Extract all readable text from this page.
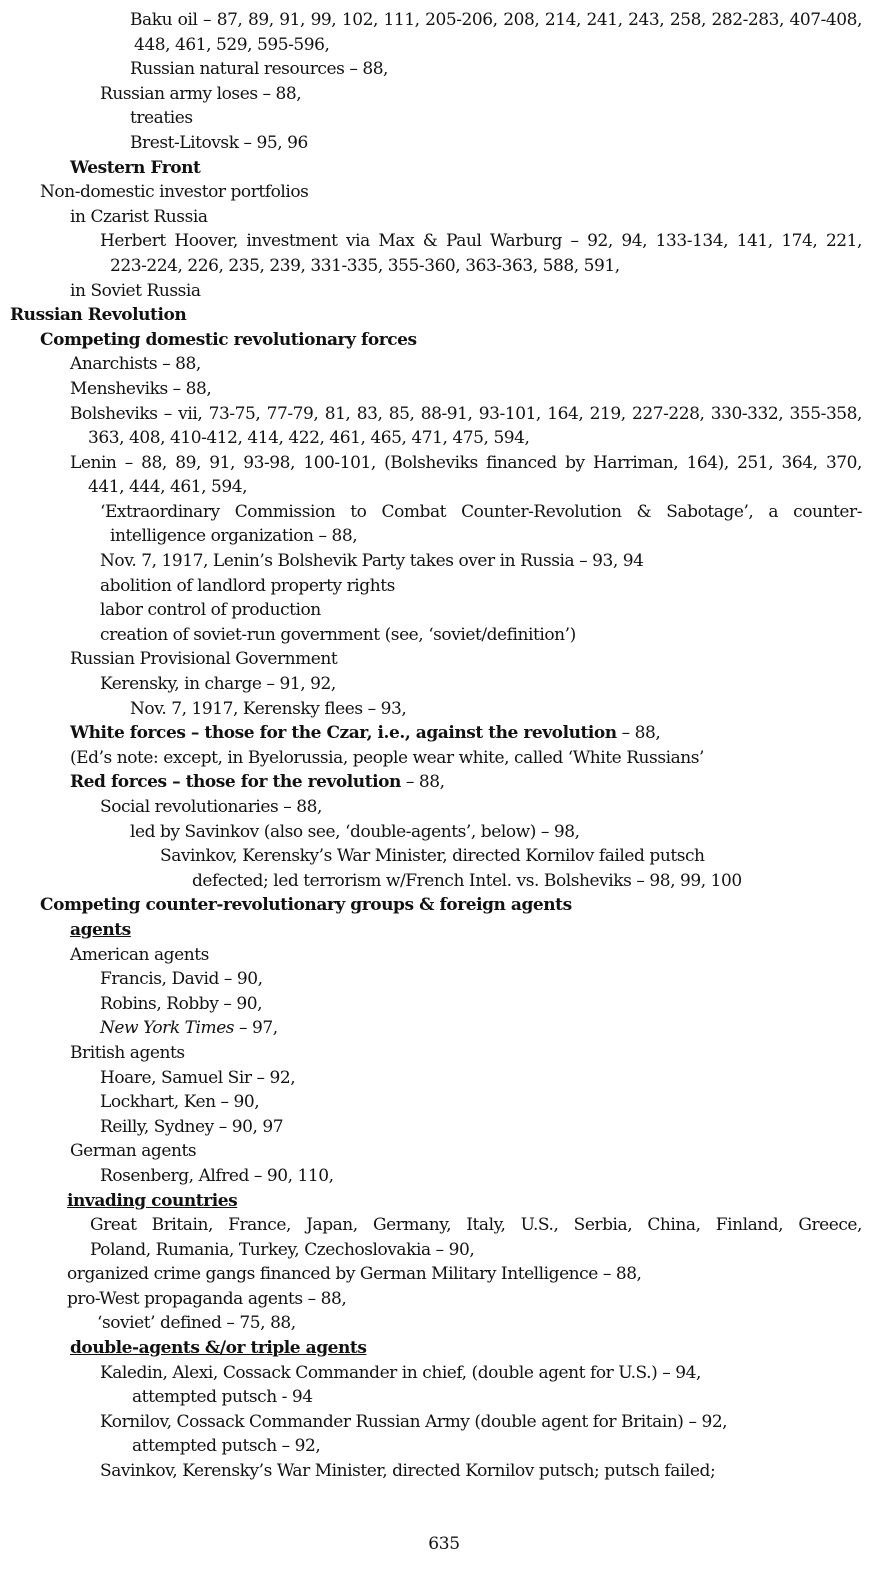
Baku oil – 87, 89, 91, 99, 102, 111, 205-206, 208, 214, 241, 243, 258, 282-283, 407-408,
448, 461, 529, 595-596,
Russian natural resources – 88,
Russian army loses – 88,
treaties
Brest-Litovsk – 95, 96
Western Front
Non-domestic investor portfolios
in Czarist Russia
Herbert Hoover, investment via Max & Paul Warburg – 92, 94, 133-134, 141, 174, 221,
223-224, 226, 235, 239, 331-335, 355-360, 363-363, 588, 591,
in Soviet Russia
Russian Revolution
Competing domestic revolutionary forces
Anarchists – 88,
Mensheviks – 88,
Bolsheviks – vii, 73-75, 77-79, 81, 83, 85, 88-91, 93-101, 164, 219, 227-228, 330-332, 355-358,
363, 408, 410-412, 414, 422, 461, 465, 471, 475, 594,
Lenin – 88, 89, 91, 93-98, 100-101, (Bolsheviks financed by Harriman, 164), 251, 364, 370,
441, 444, 461, 594,
‘Extraordinary Commission to Combat Counter-Revolution & Sabotage’, a counter-
intelligence organization – 88,
Nov. 7, 1917, Lenin’s Bolshevik Party takes over in Russia – 93, 94
abolition of landlord property rights
labor control of production
creation of soviet-run government (see, ‘soviet/definition’)
Russian Provisional Government
Kerensky, in charge – 91, 92,
Nov. 7, 1917, Kerensky flees – 93,
White forces – those for the Czar, i.e., against the revolution – 88,
(Ed’s note: except, in Byelorussia, people wear white, called ‘White Russians’
Red forces – those for the revolution – 88,
Social revolutionaries – 88,
led by Savinkov (also see, ‘double-agents’, below) – 98,
Savinkov, Kerensky’s War Minister, directed Kornilov failed putsch
defected; led terrorism w/French Intel. vs. Bolsheviks – 98, 99, 100
Competing counter-revolutionary groups & foreign agents
agents
American agents
Francis, David – 90,
Robins, Robby – 90,
New York Times – 97,
British agents
Hoare, Samuel Sir – 92,
Lockhart, Ken – 90,
Reilly, Sydney – 90, 97
German agents
Rosenberg, Alfred – 90, 110,
invading countries
Great Britain, France, Japan, Germany, Italy, U.S., Serbia, China, Finland, Greece,
Poland, Rumania, Turkey, Czechoslovakia – 90,
organized crime gangs financed by German Military Intelligence – 88,
pro-West propaganda agents – 88,
‘soviet’ defined – 75, 88,
double-agents &/or triple agents
Kaledin, Alexi, Cossack Commander in chief, (double agent for U.S.) – 94,
attempted putsch - 94
Kornilov, Cossack Commander Russian Army (double agent for Britain) – 92,
attempted putsch – 92,
Savinkov, Kerensky’s War Minister, directed Kornilov putsch; putsch failed;
635
